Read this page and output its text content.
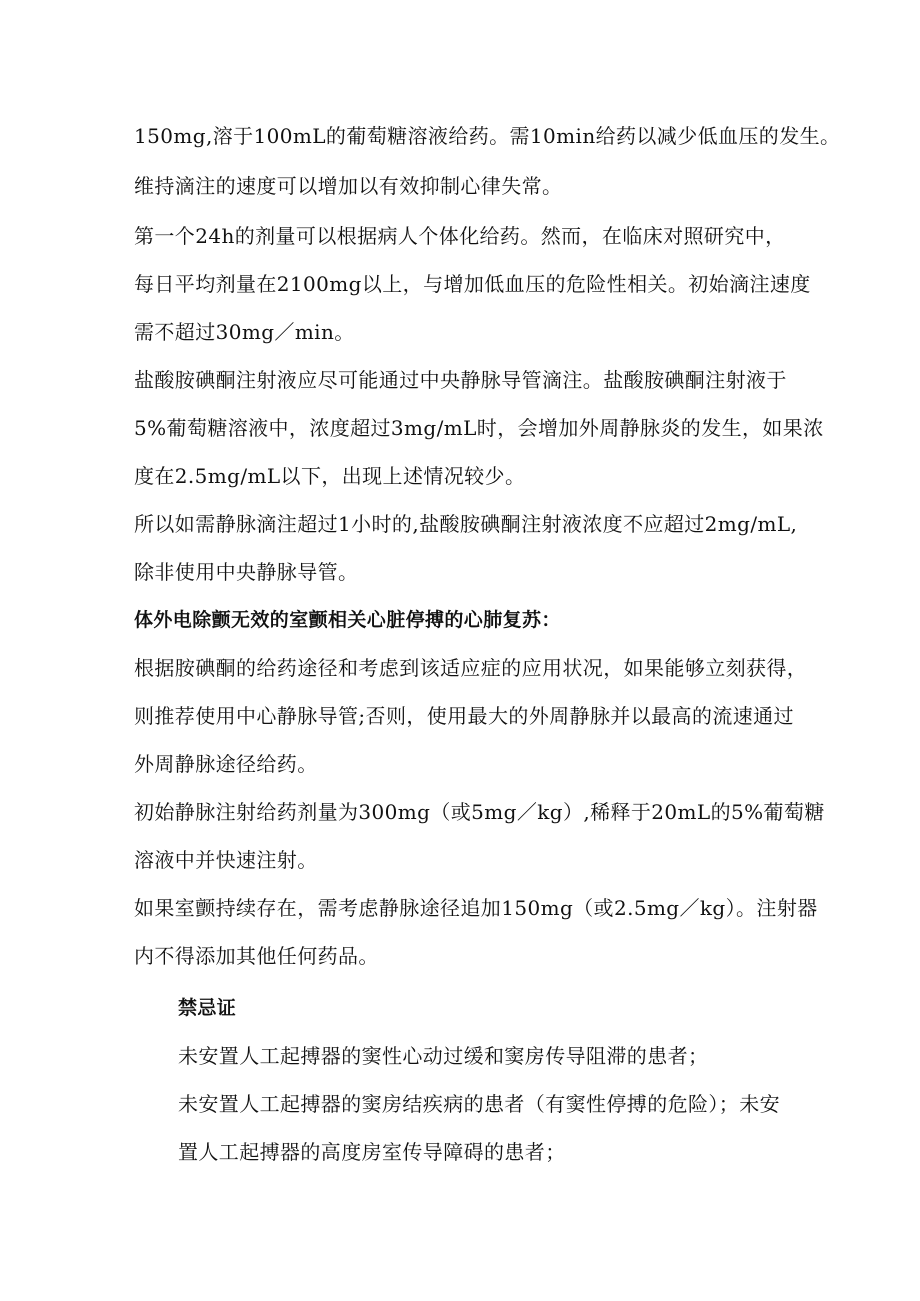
150mg,溶于100mL的葡萄糖溶液给药。需10min给药以减少低血压的发生。
维持滴注的速度可以增加以有效抑制心律失常。
第一个24h的剂量可以根据病人个体化给药。然而，在临床对照研究中，
每日平均剂量在2100mg以上，与增加低血压的危险性相关。初始滴注速度
需不超过30mg／min。
盐酸胺碘酮注射液应尽可能通过中央静脉导管滴注。盐酸胺碘酮注射液于
5%葡萄糖溶液中，浓度超过3mg/mL时，会增加外周静脉炎的发生，如果浓
度在2.5mg/mL以下，出现上述情况较少。
所以如需静脉滴注超过1小时的,盐酸胺碘酮注射液浓度不应超过2mg/mL,
除非使用中央静脉导管。
体外电除颤无效的室颤相关心脏停搏的心肺复苏：
根据胺碘酮的给药途径和考虑到该适应症的应用状况，如果能够立刻获得，
则推荐使用中心静脉导管;否则，使用最大的外周静脉并以最高的流速通过
外周静脉途径给药。
初始静脉注射给药剂量为300mg（或5mg／kg）,稀释于20mL的5%葡萄糖
溶液中并快速注射。
如果室颤持续存在，需考虑静脉途径追加150mg（或2.5mg／kg）。注射器
内不得添加其他任何药品。
禁忌证
未安置人工起搏器的窦性心动过缓和窦房传导阻滞的患者；
未安置人工起搏器的窦房结疾病的患者（有窦性停搏的危险）；未安
置人工起搏器的高度房室传导障碍的患者；
